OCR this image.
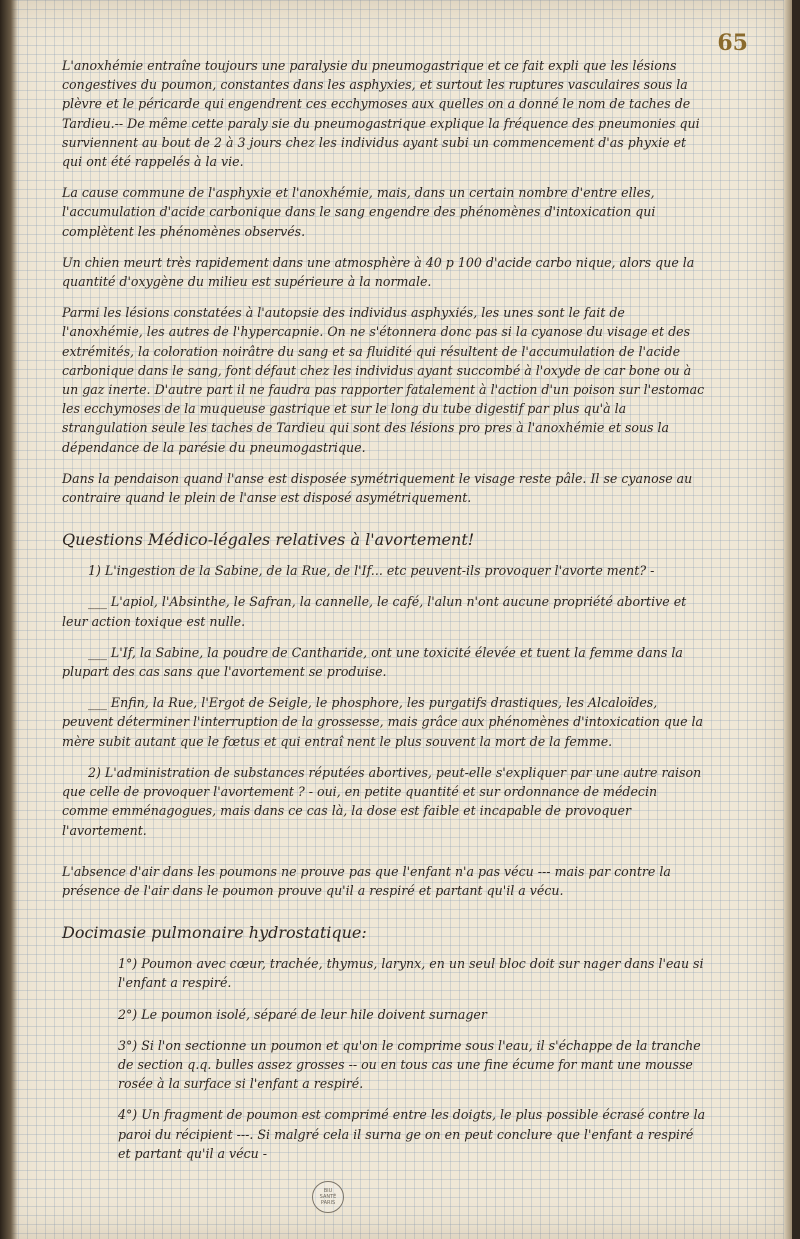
65

L'anoxhémie entraîne toujours une paralysie du pneumogastrique et ce fait expli que les lésions congestives du poumon, constantes dans les asphyxies, et surtout les ruptures vasculaires sous la plèvre et le péricarde qui engendrent ces ecchymoses aux quelles on a donné le nom de taches de Tardieu.-- De même cette paraly sie du pneumogastrique explique la fréquence des pneumonies qui surviennent au bout de 2 à 3 jours chez les individus ayant subi un commencement d'as phyxie et qui ont été rappelés à la vie.

La cause commune de l'asphyxie et l'anoxhémie, mais, dans un certain nombre d'entre elles, l'accumulation d'acide carbonique dans le sang engendre des phénomènes d'intoxication qui complètent les phénomènes observés.

Un chien meurt très rapidement dans une atmosphère à 40 p 100 d'acide carbo nique, alors que la quantité d'oxygène du milieu est supérieure à la normale.

Parmi les lésions constatées à l'autopsie des individus asphyxiés, les unes sont le fait de l'anoxhémie, les autres de l'hypercapnie. On ne s'étonnera donc pas si la cyanose du visage et des extrémités, la coloration noirâtre du sang et sa fluidité qui résultent de l'accumulation de l'acide carbonique dans le sang, font défaut chez les individus ayant succombé à l'oxyde de car bone ou à un gaz inerte. D'autre part il ne faudra pas rapporter fatalement à l'action d'un poison sur l'estomac les ecchymoses de la muqueuse gastrique et sur le long du tube digestif par plus qu'à la strangulation seule les taches de Tardieu qui sont des lésions pro pres à l'anoxhémie et sous la dépendance de la parésie du pneumogastrique.

Dans la pendaison quand l'anse est disposée symétriquement le visage reste pâle. Il se cyanose au contraire quand le plein de l'anse est disposé asymétriquement.

Questions Médico-légales relatives à l'avortement!

1) L'ingestion de la Sabine, de la Rue, de l'If... etc peuvent-ils provoquer l'avorte ment? -

___ L'apiol, l'Absinthe, le Safran, la cannelle, le café, l'alun n'ont aucune propriété abortive et leur action toxique est nulle.

___ L'If, la Sabine, la poudre de Cantharide, ont une toxicité élevée et tuent la femme dans la plupart des cas sans que l'avortement se produise.

___ Enfin, la Rue, l'Ergot de Seigle, le phosphore, les purgatifs drastiques, les Alcaloïdes, peuvent déterminer l'interruption de la grossesse, mais grâce aux phénomènes d'intoxication que la mère subit autant que le fœtus et qui entraî nent le plus souvent la mort de la femme.

2) L'administration de substances réputées abortives, peut-elle s'expliquer par une autre raison que celle de provoquer l'avortement ? - oui, en petite quantité et sur ordonnance de médecin comme emménagogues, mais dans ce cas là, la dose est faible et incapable de provoquer l'avortement.

L'absence d'air dans les poumons ne prouve pas que l'enfant n'a pas vécu --- mais par contre la présence de l'air dans le poumon prouve qu'il a respiré et partant qu'il a vécu.

Docimasie pulmonaire hydrostatique:

1°) Poumon avec cœur, trachée, thymus, larynx, en un seul bloc doit sur nager dans l'eau si l'enfant a respiré.

2°) Le poumon isolé, séparé de leur hile doivent surnager

3°) Si l'on sectionne un poumon et qu'on le comprime sous l'eau, il s'échappe de la tranche de section q.q. bulles assez grosses -- ou en tous cas une fine écume for mant une mousse rosée à la surface si l'enfant a respiré.

4°) Un fragment de poumon est comprimé entre les doigts, le plus possible écrasé contre la paroi du récipient ---. Si malgré cela il surna ge on en peut conclure que l'enfant a respiré et partant qu'il a vécu -

BIU
SANTÉ
PARIS
